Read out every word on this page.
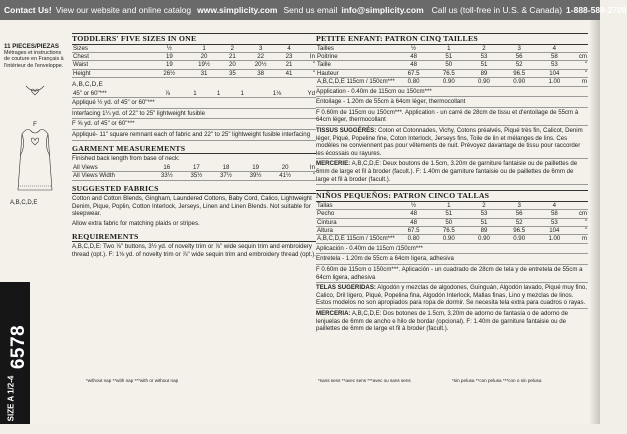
Contact Us! View our website and online catalog www.simplicity.com Send us email info@simplicity.com Call us (toll-free in U.S. & Canada) 1-888-588-2700
11 PIECES/PIEZAS
Métrages et instructions de couture en Français à l'intérieur de l'enveloppe.
F
A,B,C,D,E
6578
SIZE A 1/2-4
TODDLERS' FIVE SIZES IN ONE
Sizes	½	1	2	3	4	
Chest	19	20	21	22	23	In
Waist	19	19½	20	20½	21	"
Height	26½	31	35	38	41	"
A,B,C,D,E
45" or 60"***	⅞	1	1	1	1⅛	Yd
Appliqué ½ yd. of 45" or 60"***
Interfacing 1¼ yd. of 22" to 25" lightweight fusible
F ⅝ yd. of 45" or 60"***
Appliqué- 11" square remnant each of fabric and 22" to 25" lightweight fusible interfacing
GARMENT MEASUREMENTS
Finished back length from base of neck:
All Views	16	17	18	19	20	In
All Views Width	33½	35½	37½	39½	41½	"
SUGGESTED FABRICS
Cotton and Cotton Blends, Gingham, Laundered Cottons, Baby Cord, Calico, Lightweight Denim, Pique, Poplin, Cotton Interlock, Jerseys, Linen and Linen Blends. Not suitable for sleepwear.
Allow extra fabric for matching plaids or stripes.
REQUIREMENTS
A,B,C,D,E: Two ⅞" buttons, 3½ yd. of novelty trim or ⅞" wide sequin trim and embroidery thread (opt.). F: 1⅛ yd. of novelty trim or ⅞" wide sequin trim and embroidery thread (opt.).
*without nap **with nap ***with or without nap
PETITE ENFANT: PATRON CINQ TAILLES
Tailles	½	1	2	3	4	
Poitrine	48	51	53	56	58	cm
Taille	48	50	51	52	53	"
Hauteur	67.5	76.5	89	96.5	104	"
A,B,C,D,E 115cm / 150cm***	0.80	0.90	0.90	0.90	1.00	m
Application - 0.40m de 115cm ou 150cm***
Entoilage - 1.20m de 55cm à 64cm léger, thermocollant
F 0.60m de 115cm ou 150cm***. Application - un carré de 28cm de tissu et d'entoilage de 55cm à 64cm léger, thermocollant
TISSUS SUGGÉRÉS: Coton et Cotonnades, Vichy, Cotons préalvés, Piqué très fin, Calicot, Denim léger, Piqué, Popeline fine, Coton Interlock, Jerseys fins, Toile de lin et mélanges de lins. Ces modèles ne conviennent pas pour vêtements de nuit. Prévoyez davantage de tissu pour raccorder les écossais ou rayures.
MERCERIE: A,B,C,D,E: Deux boutons de 1.5cm, 3.20m de garniture fantaisie ou de paillettes de 6mm de large et fil à broder (facult.). F: 1.40m de garniture fantaisie ou de paillettes de 6mm de large et fil à broder (facult.).
NIÑOS PEQUEÑOS: PATRON CINCO TALLAS
Tallas	½	1	2	3	4	
Pecho	48	51	53	56	58	cm
Cintura	48	50	51	52	53	"
Altura	67.5	76.5	89	96.5	104	"
A,B,C,D,E 115cm / 150cm***	0.80	0.90	0.90	0.90	1.00	m
Aplicación - 0.40m de 115cm /150cm***
Entretela - 1.20m de 55cm a 64cm ligera, adhesiva
F 0.60m de 115cm o 150cm***. Aplicación - un cuadrado de 28cm de tela y de entretela de 55cm a 64cm ligera, adhesiva
TELAS SUGERIDAS: Algodón y mezclas de algodones, Guinguán, Algodón lavado, Piqué muy fino, Calico, Dril ligero, Piqué, Popelina fina, Algodón Interlock, Mallas finas, Lino y mezclas de linos. Estos modelos no son apropiados para ropa de dormir. Se necesita tela extra para cuadros o rayas.
MERCERIA: A,B,C,D,E: Dos botones de 1.5cm, 3.20m de adorno de fantasía o de adorno de lenjuelas de 6mm de ancho e hilo de bordar (opcional). F: 1.40m de garniture fantaisie ou de paillettes de 6mm de large et fil à broder (facult.).
*sans sens **avec sens ***avec ou sans sens	*sin pelusa **con pelusa ***con o sin pelusa
